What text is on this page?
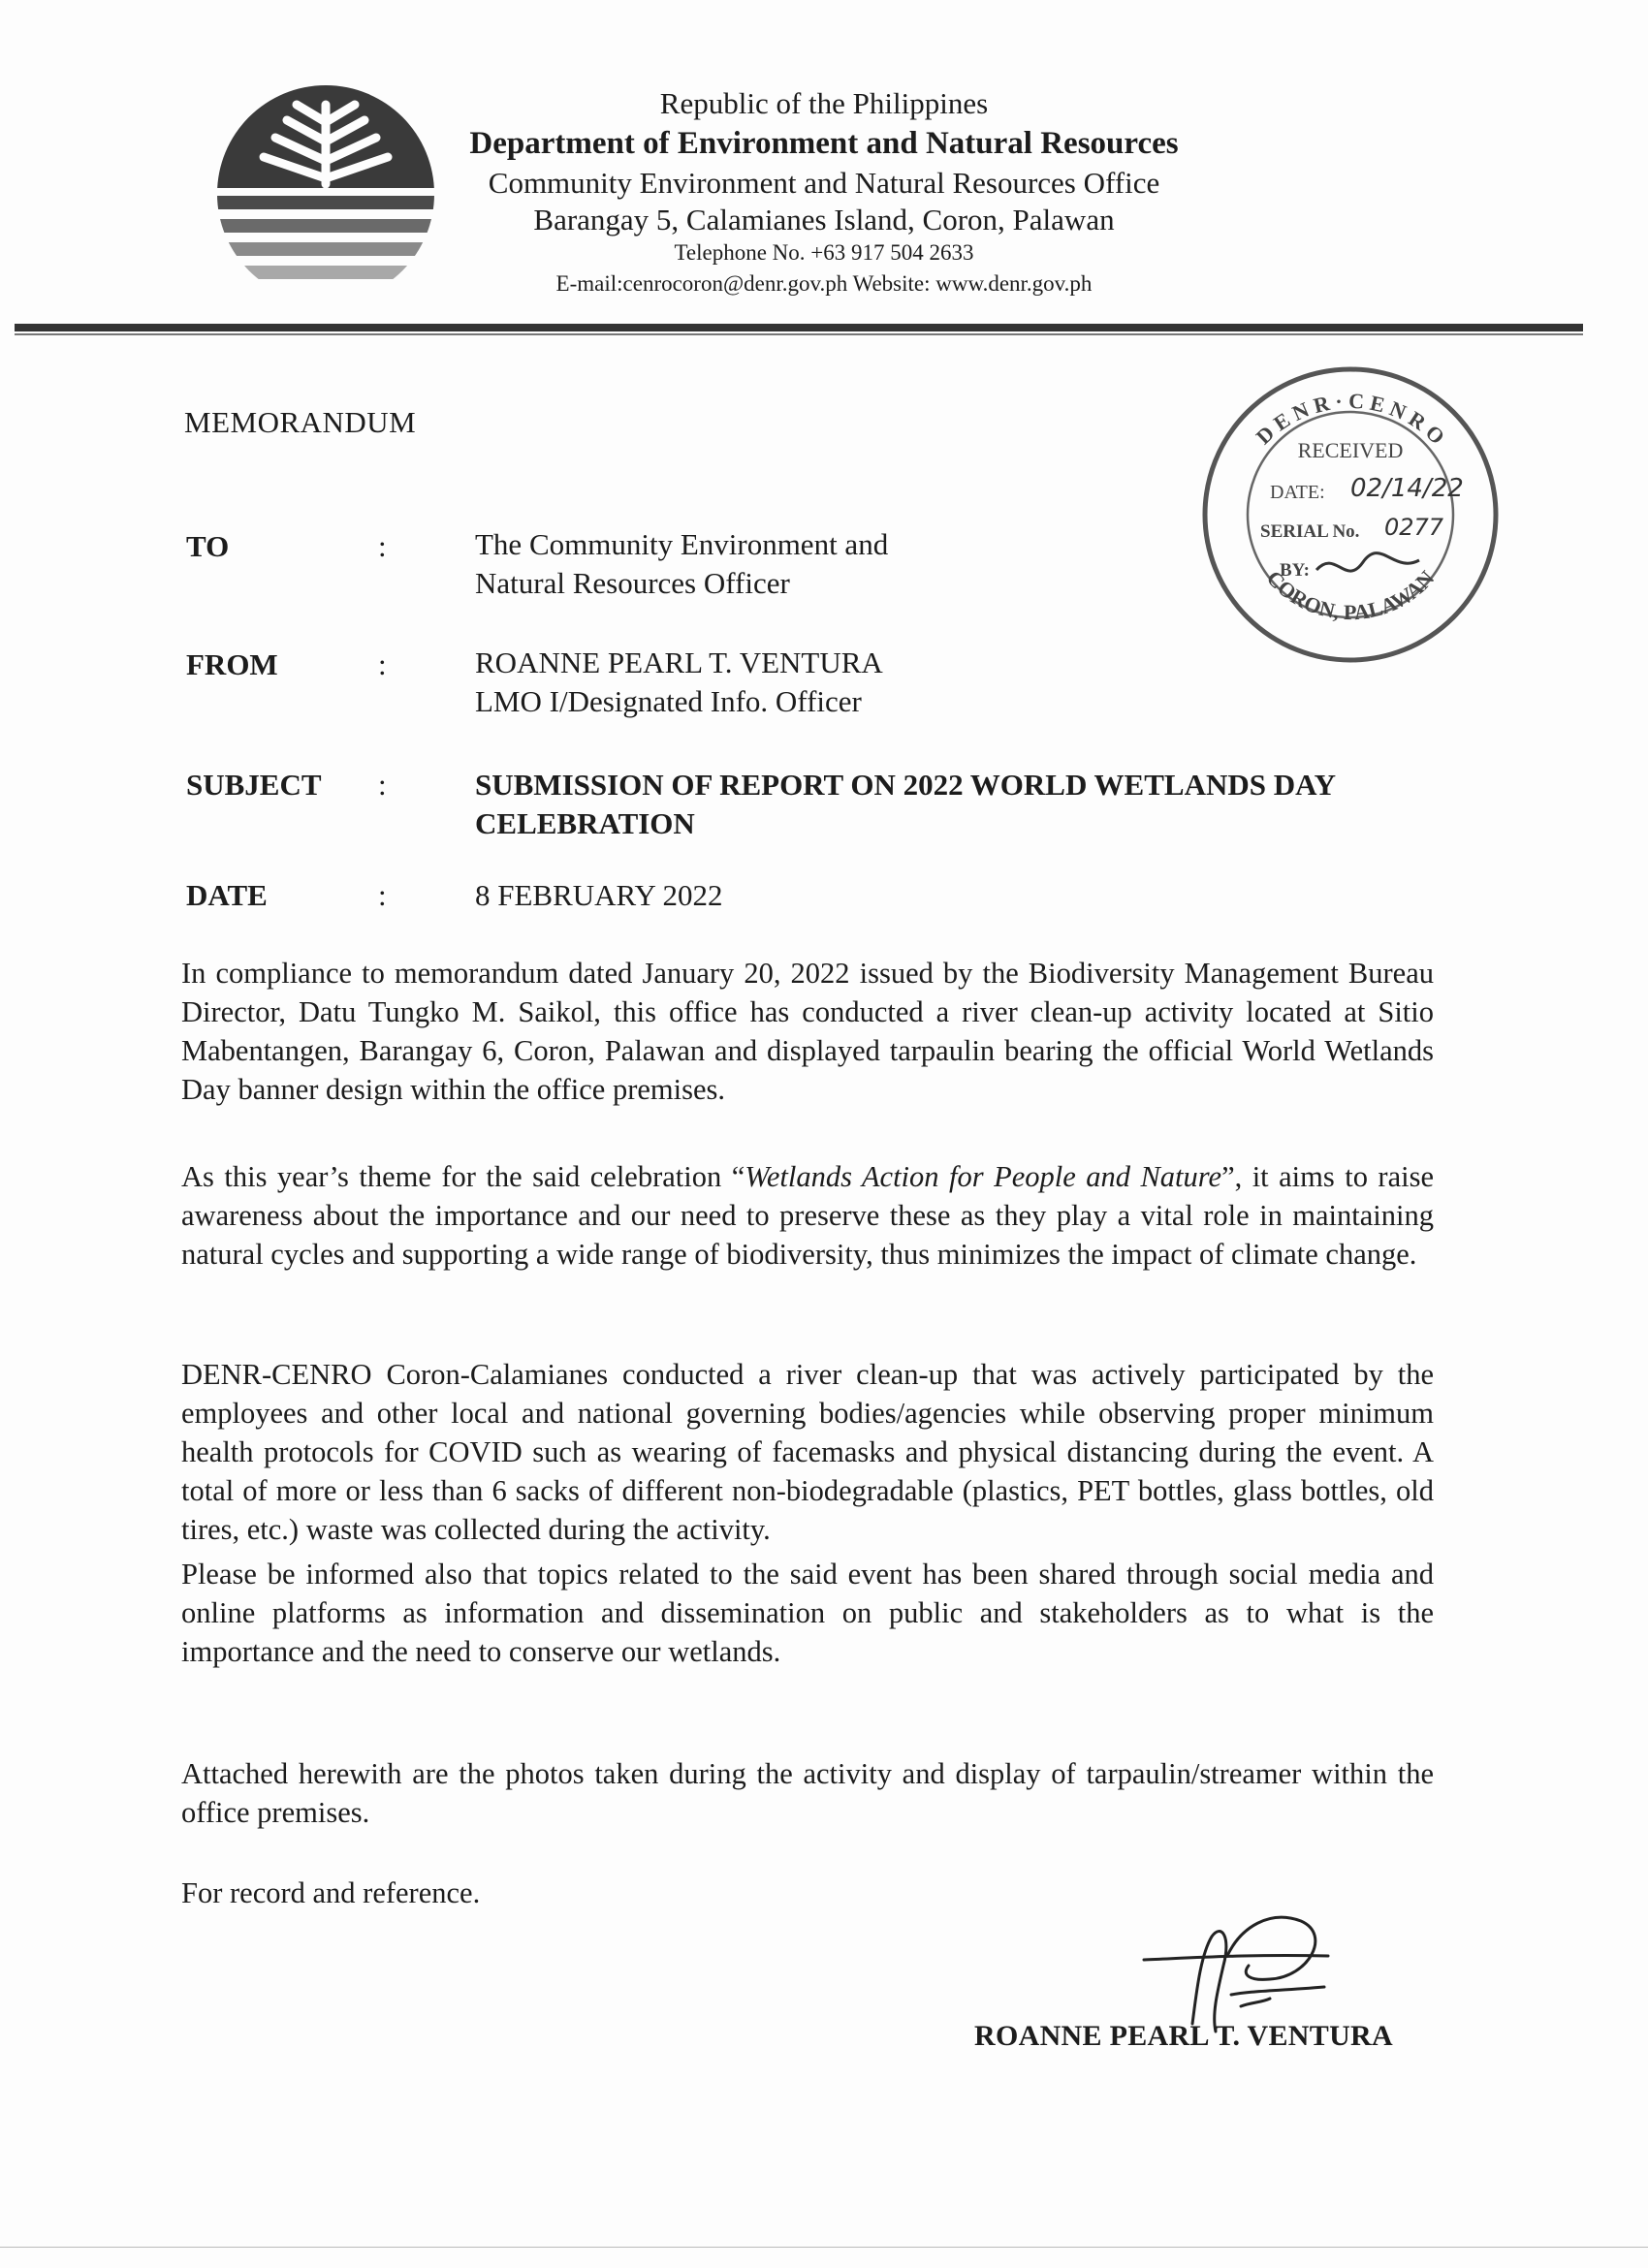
Republic of the Philippines
Department of Environment and Natural Resources
Community Environment and Natural Resources Office
Barangay 5, Calamianes Island, Coron, Palawan
Telephone No. +63 917 504 2633
E-mail:cenrocoron@denr.gov.ph Website: www.denr.gov.ph
D E N R · C E N R O
CORON, PALAWAN
RECEIVED
DATE: 02/14/22
SERIAL No. 0277
BY:
MEMORANDUM
TO	:	The Community Environment and
Natural Resources Officer
FROM	:	ROANNE PEARL T. VENTURA
LMO I/Designated Info. Officer
SUBJECT :	SUBMISSION OF REPORT ON 2022 WORLD WETLANDS DAY
CELEBRATION
DATE	:	8 FEBRUARY 2022
In compliance to memorandum dated January 20, 2022 issued by the Biodiversity Management Bureau Director, Datu Tungko M. Saikol, this office has conducted a river clean-up activity located at Sitio Mabentangen, Barangay 6, Coron, Palawan and displayed tarpaulin bearing the official World Wetlands Day banner design within the office premises.
As this year’s theme for the said celebration “Wetlands Action for People and Nature”, it aims to raise awareness about the importance and our need to preserve these as they play a vital role in maintaining natural cycles and supporting a wide range of biodiversity, thus minimizes the impact of climate change.
DENR-CENRO Coron-Calamianes conducted a river clean-up that was actively participated by the employees and other local and national governing bodies/agencies while observing proper minimum health protocols for COVID such as wearing of facemasks and physical distancing during the event. A total of more or less than 6 sacks of different non-biodegradable (plastics, PET bottles, glass bottles, old tires, etc.) waste was collected during the activity.
Please be informed also that topics related to the said event has been shared through social media and online platforms as information and dissemination on public and stakeholders as to what is the importance and the need to conserve our wetlands.
Attached herewith are the photos taken during the activity and display of tarpaulin/streamer within the office premises.
For record and reference.
ROANNE PEARL T. VENTURA
